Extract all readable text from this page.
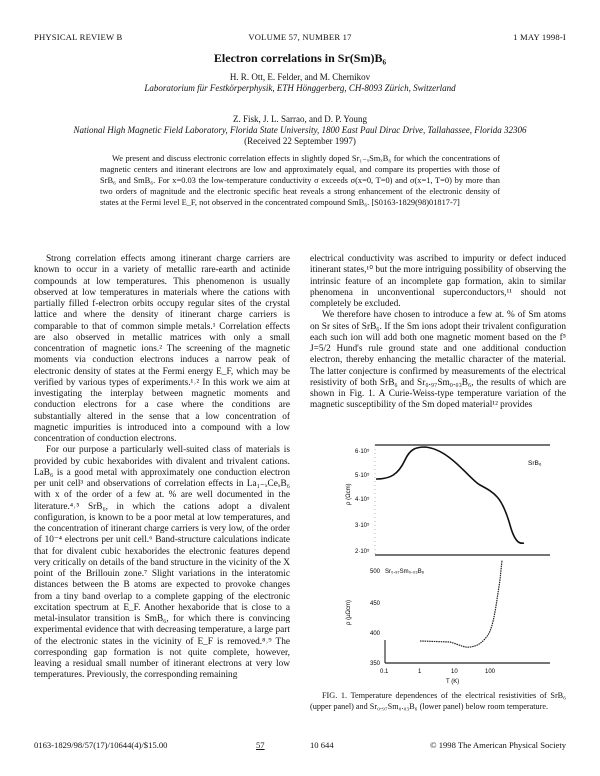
PHYSICAL REVIEW B	VOLUME 57, NUMBER 17	1 MAY 1998-I
Electron correlations in Sr(Sm)B₆
H. R. Ott, E. Felder, and M. Chernikov
Laboratorium für Festkörperphysik, ETH Hönggerberg, CH-8093 Zürich, Switzerland
Z. Fisk, J. L. Sarrao, and D. P. Young
National High Magnetic Field Laboratory, Florida State University, 1800 East Paul Dirac Drive, Tallahassee, Florida 32306
(Received 22 September 1997)
We present and discuss electronic correlation effects in slightly doped Sr₁₋ₓSmₓB₆ for which the concentrations of magnetic centers and itinerant electrons are low and approximately equal, and compare its properties with those of SrB₆ and SmB₆. For x=0.03 the low-temperature conductivity σ exceeds σ(x=0, T=0) and σ(x=1, T=0) by more than two orders of magnitude and the electronic specific heat reveals a strong enhancement of the electronic density of states at the Fermi level E_F, not observed in the concentrated compound SmB₆. [S0163-1829(98)01817-7]

Strong correlation effects among itinerant charge carriers are known to occur in a variety of metallic rare-earth and actinide compounds at low temperatures. This phenomenon is usually observed at low temperatures in materials where the cations with partially filled f-electron orbits occupy regular sites of the crystal lattice and where the density of itinerant charge carriers is comparable to that of common simple metals.¹ Correlation effects are also observed in metallic matrices with only a small concentration of magnetic ions.² The screening of the magnetic moments via conduction electrons induces a narrow peak of electronic density of states at the Fermi energy E_F, which may be verified by various types of experiments.¹˒² In this work we aim at investigating the interplay between magnetic moments and conduction electrons for a case where the conditions are substantially altered in the sense that a low concentration of magnetic impurities is introduced into a compound with a low concentration of conduction electrons.

For our purpose a particularly well-suited class of materials is provided by cubic hexaborides with divalent and trivalent cations. LaB₆ is a good metal with approximately one conduction electron per unit cell³ and observations of correlation effects in La₁₋ₓCeₓB₆ with x of the order of a few at. % are well documented in the literature.⁴˒⁵ SrB₆, in which the cations adopt a divalent configuration, is known to be a poor metal at low temperatures, and the concentration of itinerant charge carriers is very low, of the order of 10⁻⁴ electrons per unit cell.⁶ Band-structure calculations indicate that for divalent cubic hexaborides the electronic features depend very critically on details of the band structure in the vicinity of the X point of the Brillouin zone.⁷ Slight variations in the interatomic distances between the B atoms are expected to provoke changes from a tiny band overlap to a complete gapping of the electronic excitation spectrum at E_F. Another hexaboride that is close to a metal-insulator transition is SmB₆, for which there is convincing experimental evidence that with decreasing temperature, a large part of the electronic states in the vicinity of E_F is removed.⁸˒⁹ The corresponding gap formation is not quite complete, however, leaving a residual small number of itinerant electrons at very low temperatures. Previously, the corresponding remaining

electrical conductivity was ascribed to impurity or defect induced itinerant states,¹⁰ but the more intriguing possibility of observing the intrinsic feature of an incomplete gap formation, akin to similar phenomena in unconventional superconductors,¹¹ should not completely be excluded.

We therefore have chosen to introduce a few at. % of Sm atoms on Sr sites of SrB₆. If the Sm ions adopt their trivalent configuration each such ion will add both one magnetic moment based on the f⁵ J=5/2 Hund's rule ground state and one additional conduction electron, thereby enhancing the metallic character of the material. The latter conjecture is confirmed by measurements of the electrical resistivity of both SrB₆ and Sr₀.₉₇Sm₀.₀₃B₆, the results of which are shown in Fig. 1. A Curie-Weiss-type temperature variation of the magnetic susceptibility of the Sm doped material¹² provides

6·10⁵
5·10⁵
4·10⁵
3·10⁵
2·10⁵
ρ (Ωcm)
SrB₆
500
450
400
350
ρ (μΩcm)
Sr₀.₉₇Sm₀.₀₃B₆
0.1	1	10	100
T (K)
FIG. 1. Temperature dependences of the electrical resistivities of SrB₆ (upper panel) and Sr₀.₉₇Sm₀.₀₃B₆ (lower panel) below room temperature.
0163-1829/98/57(17)/10644(4)/$15.00	57	10 644	© 1998 The American Physical Society
